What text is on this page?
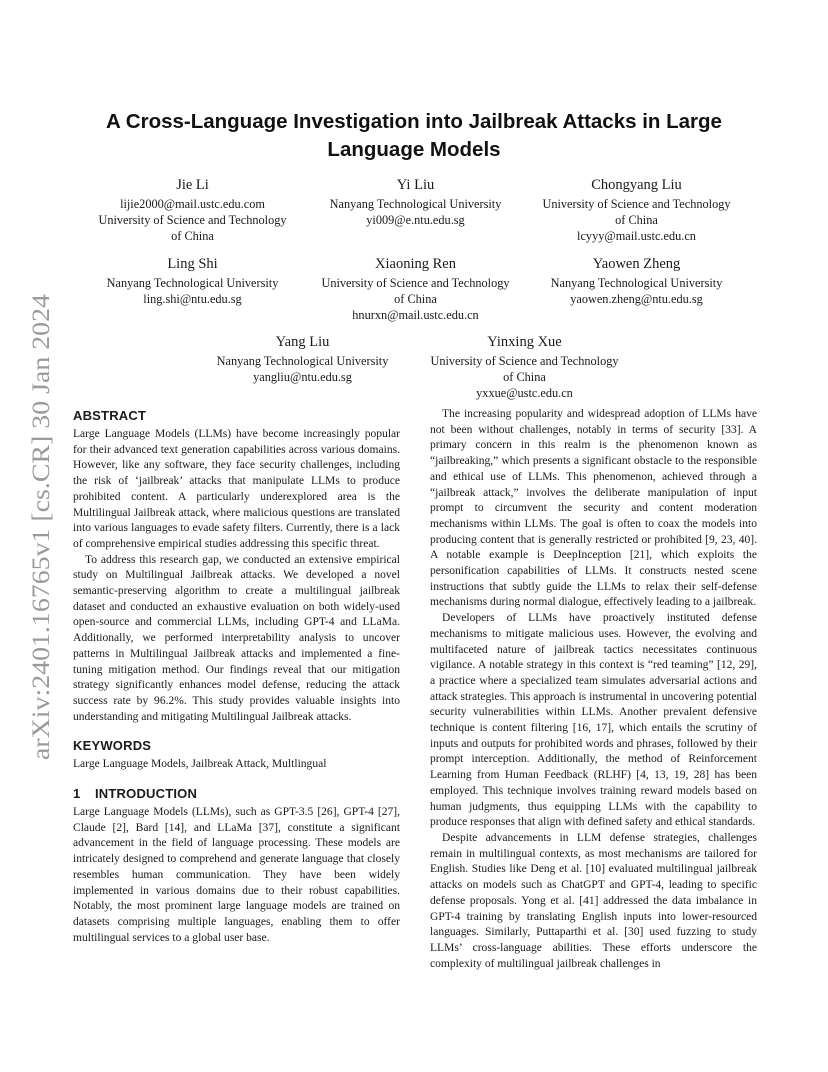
arXiv:2401.16765v1 [cs.CR] 30 Jan 2024
A Cross-Language Investigation into Jailbreak Attacks in Large Language Models
Jie Li
lijie2000@mail.ustc.edu.com
University of Science and Technology
of China
Yi Liu
Nanyang Technological University
yi009@e.ntu.edu.sg
Chongyang Liu
University of Science and Technology
of China
lcyyy@mail.ustc.edu.cn
Ling Shi
Nanyang Technological University
ling.shi@ntu.edu.sg
Xiaoning Ren
University of Science and Technology
of China
hnurxn@mail.ustc.edu.cn
Yaowen Zheng
Nanyang Technological University
yaowen.zheng@ntu.edu.sg
Yang Liu
Nanyang Technological University
yangliu@ntu.edu.sg
Yinxing Xue
University of Science and Technology
of China
yxxue@ustc.edu.cn
ABSTRACT

Large Language Models (LLMs) have become increasingly popular for their advanced text generation capabilities across various domains. However, like any software, they face security challenges, including the risk of ‘jailbreak’ attacks that manipulate LLMs to produce prohibited content. A particularly underexplored area is the Multilingual Jailbreak attack, where malicious questions are translated into various languages to evade safety filters. Currently, there is a lack of comprehensive empirical studies addressing this specific threat.

To address this research gap, we conducted an extensive empirical study on Multilingual Jailbreak attacks. We developed a novel semantic-preserving algorithm to create a multilingual jailbreak dataset and conducted an exhaustive evaluation on both widely-used open-source and commercial LLMs, including GPT-4 and LLaMa. Additionally, we performed interpretability analysis to uncover patterns in Multilingual Jailbreak attacks and implemented a fine-tuning mitigation method. Our findings reveal that our mitigation strategy significantly enhances model defense, reducing the attack success rate by 96.2%. This study provides valuable insights into understanding and mitigating Multilingual Jailbreak attacks.

KEYWORDS

Large Language Models, Jailbreak Attack, Multlingual

1 INTRODUCTION

Large Language Models (LLMs), such as GPT-3.5 [26], GPT-4 [27], Claude [2], Bard [14], and LLaMa [37], constitute a significant advancement in the field of language processing. These models are intricately designed to comprehend and generate language that closely resembles human communication. They have been widely implemented in various domains due to their robust capabilities. Notably, the most prominent large language models are trained on datasets comprising multiple languages, enabling them to offer multilingual services to a global user base.

The increasing popularity and widespread adoption of LLMs have not been without challenges, notably in terms of security [33]. A primary concern in this realm is the phenomenon known as “jailbreaking,” which presents a significant obstacle to the responsible and ethical use of LLMs. This phenomenon, achieved through a “jailbreak attack,” involves the deliberate manipulation of input prompt to circumvent the security and content moderation mechanisms within LLMs. The goal is often to coax the models into producing content that is generally restricted or prohibited [9, 23, 40]. A notable example is DeepInception [21], which exploits the personification capabilities of LLMs. It constructs nested scene instructions that subtly guide the LLMs to relax their self-defense mechanisms during normal dialogue, effectively leading to a jailbreak.

Developers of LLMs have proactively instituted defense mechanisms to mitigate malicious uses. However, the evolving and multifaceted nature of jailbreak tactics necessitates continuous vigilance. A notable strategy in this context is “red teaming” [12, 29], a practice where a specialized team simulates adversarial actions and attack strategies. This approach is instrumental in uncovering potential security vulnerabilities within LLMs. Another prevalent defensive technique is content filtering [16, 17], which entails the scrutiny of inputs and outputs for prohibited words and phrases, followed by their prompt interception. Additionally, the method of Reinforcement Learning from Human Feedback (RLHF) [4, 13, 19, 28] has been employed. This technique involves training reward models based on human judgments, thus equipping LLMs with the capability to produce responses that align with defined safety and ethical standards.

Despite advancements in LLM defense strategies, challenges remain in multilingual contexts, as most mechanisms are tailored for English. Studies like Deng et al. [10] evaluated multilingual jailbreak attacks on models such as ChatGPT and GPT-4, leading to specific defense proposals. Yong et al. [41] addressed the data imbalance in GPT-4 training by translating English inputs into lower-resourced languages. Similarly, Puttaparthi et al. [30] used fuzzing to study LLMs’ cross-language abilities. These efforts underscore the complexity of multilingual jailbreak challenges in
